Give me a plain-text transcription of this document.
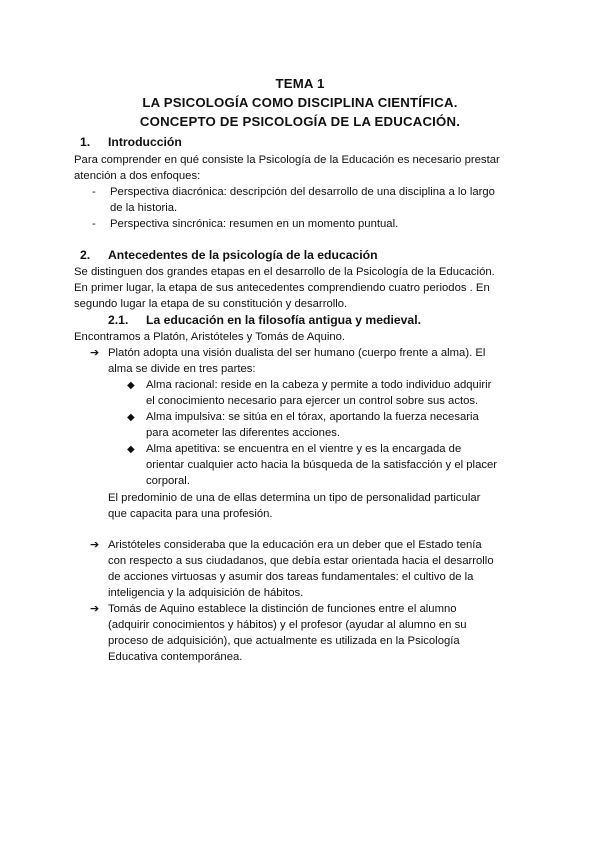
TEMA 1
LA PSICOLOGÍA COMO DISCIPLINA CIENTÍFICA.
CONCEPTO DE PSICOLOGÍA DE LA EDUCACIÓN.
1. Introducción
Para comprender en qué consiste la Psicología de la Educación es necesario prestar
atención a dos enfoques:
- Perspectiva diacrónica: descripción del desarrollo de una disciplina a lo largo
de la historia.
- Perspectiva sincrónica: resumen en un momento puntual.
2. Antecedentes de la psicología de la educación
Se distinguen dos grandes etapas en el desarrollo de la Psicología de la Educación.
En primer lugar, la etapa de sus antecedentes comprendiendo cuatro periodos . En
segundo lugar la etapa de su constitución y desarrollo.
2.1. La educación en la filosofía antigua y medieval.
Encontramos a Platón, Aristóteles y Tomás de Aquino.
➔ Platón adopta una visión dualista del ser humano (cuerpo frente a alma). El
alma se divide en tres partes:
◆ Alma racional: reside en la cabeza y permite a todo individuo adquirir
el conocimiento necesario para ejercer un control sobre sus actos.
◆ Alma impulsiva: se sitúa en el tórax, aportando la fuerza necesaria
para acometer las diferentes acciones.
◆ Alma apetitiva: se encuentra en el vientre y es la encargada de
orientar cualquier acto hacia la búsqueda de la satisfacción y el placer
corporal.
El predominio de una de ellas determina un tipo de personalidad particular
que capacita para una profesión.
➔ Aristóteles consideraba que la educación era un deber que el Estado tenía
con respecto a sus ciudadanos, que debía estar orientada hacia el desarrollo
de acciones virtuosas y asumir dos tareas fundamentales: el cultivo de la
inteligencia y la adquisición de hábitos.
➔ Tomás de Aquino establece la distinción de funciones entre el alumno
(adquirir conocimientos y hábitos) y el profesor (ayudar al alumno en su
proceso de adquisición), que actualmente es utilizada en la Psicología
Educativa contemporánea.
